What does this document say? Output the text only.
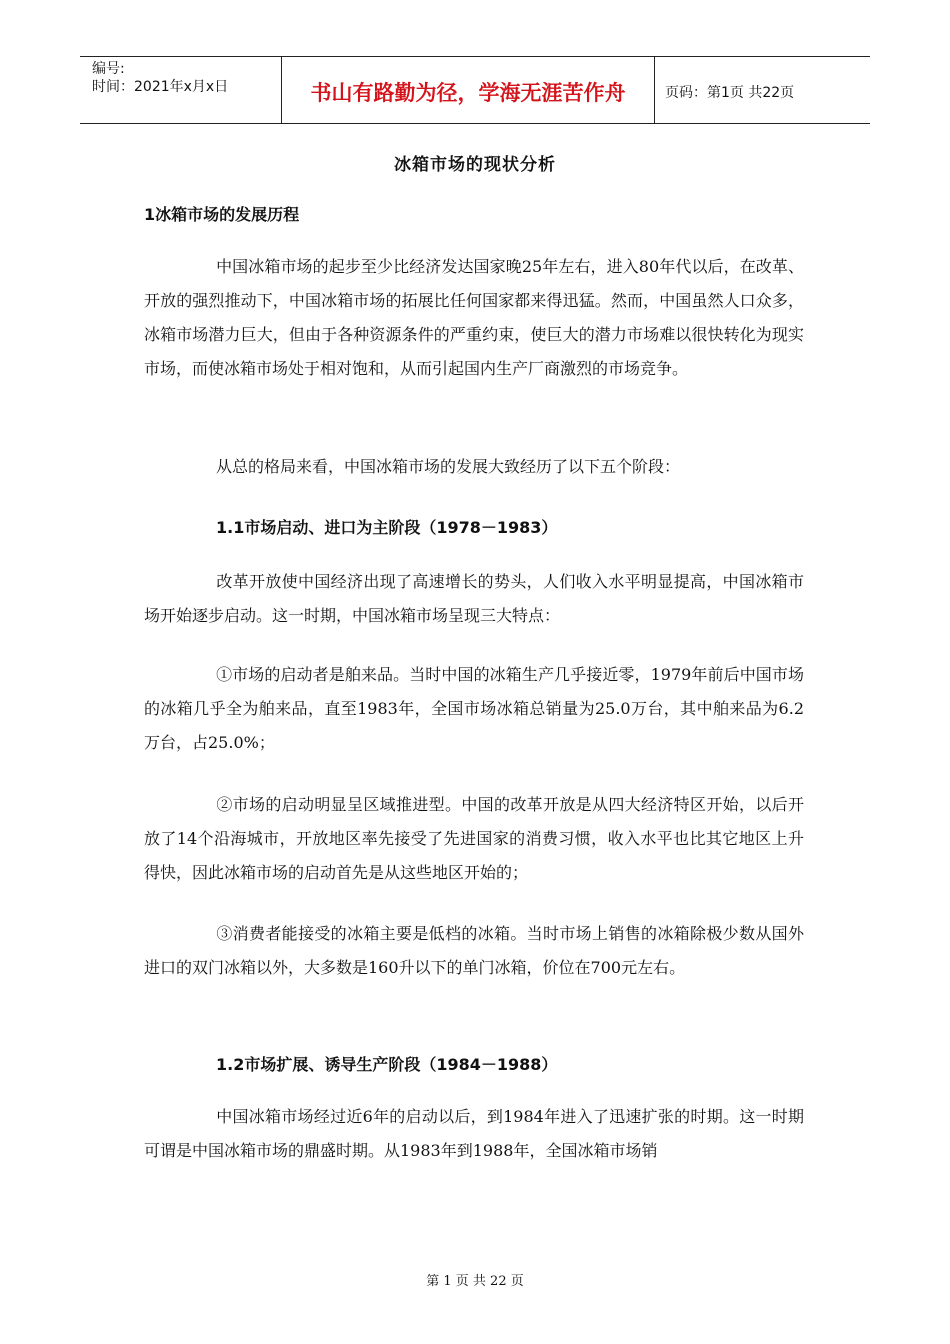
编号:
时间：2021年x月x日	书山有路勤为径，学海无涯苦作舟	页码：第1页 共22页
冰箱市场的现状分析
1冰箱市场的发展历程
中国冰箱市场的起步至少比经济发达国家晚25年左右，进入80年代以后，在改革、开放的强烈推动下，中国冰箱市场的拓展比任何国家都来得迅猛。然而，中国虽然人口众多，冰箱市场潜力巨大，但由于各种资源条件的严重约束，使巨大的潜力市场难以很快转化为现实市场，而使冰箱市场处于相对饱和，从而引起国内生产厂商激烈的市场竞争。
从总的格局来看，中国冰箱市场的发展大致经历了以下五个阶段：
1.1市场启动、进口为主阶段（1978－1983）
改革开放使中国经济出现了高速增长的势头，人们收入水平明显提高，中国冰箱市场开始逐步启动。这一时期，中国冰箱市场呈现三大特点：
①市场的启动者是舶来品。当时中国的冰箱生产几乎接近零，1979年前后中国市场的冰箱几乎全为舶来品，直至1983年，全国市场冰箱总销量为25.0万台，其中舶来品为6.2万台，占25.0%；
②市场的启动明显呈区域推进型。中国的改革开放是从四大经济特区开始，以后开放了14个沿海城市，开放地区率先接受了先进国家的消费习惯，收入水平也比其它地区上升得快，因此冰箱市场的启动首先是从这些地区开始的；
③消费者能接受的冰箱主要是低档的冰箱。当时市场上销售的冰箱除极少数从国外进口的双门冰箱以外，大多数是160升以下的单门冰箱，价位在700元左右。
1.2市场扩展、诱导生产阶段（1984－1988）
中国冰箱市场经过近6年的启动以后，到1984年进入了迅速扩张的时期。这一时期可谓是中国冰箱市场的鼎盛时期。从1983年到1988年，全国冰箱市场销
第 1 页 共 22 页
